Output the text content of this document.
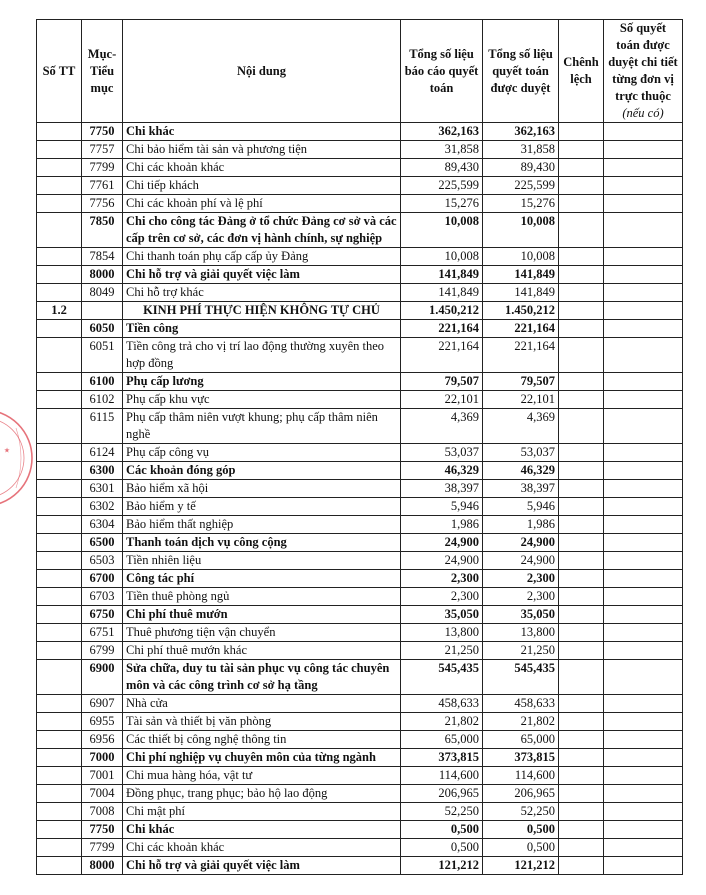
Số TT	Mục-Tiểu mục	Nội dung	Tổng số liệu báo cáo quyết toán	Tổng số liệu quyết toán được duyệt	Chênh lệch	Số quyết toán được duyệt chi tiết từng đơn vị trực thuộc
(nếu có)
	7750	Chi khác	362,163	362,163		
	7757	Chi bảo hiểm tài sản và phương tiện	31,858	31,858		
	7799	Chi các khoản khác	89,430	89,430		
	7761	Chi tiếp khách	225,599	225,599		
	7756	Chi các khoản phí và lệ phí	15,276	15,276		
	7850	Chi cho công tác Đảng ở tổ chức Đảng cơ sở và các cấp trên cơ sở, các đơn vị hành chính, sự nghiệp	10,008	10,008		
	7854	Chi thanh toán phụ cấp cấp ủy Đảng	10,008	10,008		
	8000	Chi hỗ trợ và giải quyết việc làm	141,849	141,849		
	8049	Chi hỗ trợ khác	141,849	141,849		
1.2		KINH PHÍ THỰC HIỆN KHÔNG TỰ CHỦ	1.450,212	1.450,212		
	6050	Tiền công	221,164	221,164		
	6051	Tiền công trả cho vị trí lao động thường xuyên theo hợp đồng	221,164	221,164		
	6100	Phụ cấp lương	79,507	79,507		
	6102	Phụ cấp khu vực	22,101	22,101		
	6115	Phụ cấp thâm niên vượt khung; phụ cấp thâm niên nghề	4,369	4,369		
	6124	Phụ cấp công vụ	53,037	53,037		
	6300	Các khoản đóng góp	46,329	46,329		
	6301	Bảo hiểm xã hội	38,397	38,397		
	6302	Bảo hiểm y tế	5,946	5,946		
	6304	Bảo hiểm thất nghiệp	1,986	1,986		
	6500	Thanh toán dịch vụ công cộng	24,900	24,900		
	6503	Tiền nhiên liệu	24,900	24,900		
	6700	Công tác phí	2,300	2,300		
	6703	Tiền thuê phòng ngủ	2,300	2,300		
	6750	Chi phí thuê mướn	35,050	35,050		
	6751	Thuê phương tiện vận chuyển	13,800	13,800		
	6799	Chi phí thuê mướn khác	21,250	21,250		
	6900	Sửa chữa, duy tu tài sản phục vụ công tác chuyên môn và các công trình cơ sở hạ tầng	545,435	545,435		
	6907	Nhà cửa	458,633	458,633		
	6955	Tài sản và thiết bị văn phòng	21,802	21,802		
	6956	Các thiết bị công nghệ thông tin	65,000	65,000		
	7000	Chi phí nghiệp vụ chuyên môn của từng ngành	373,815	373,815		
	7001	Chi mua hàng hóa, vật tư	114,600	114,600		
	7004	Đồng phục, trang phục; bảo hộ lao động	206,965	206,965		
	7008	Chi mật phí	52,250	52,250		
	7750	Chi khác	0,500	0,500		
	7799	Chi các khoản khác	0,500	0,500		
	8000	Chi hỗ trợ và giải quyết việc làm	121,212	121,212		
★
